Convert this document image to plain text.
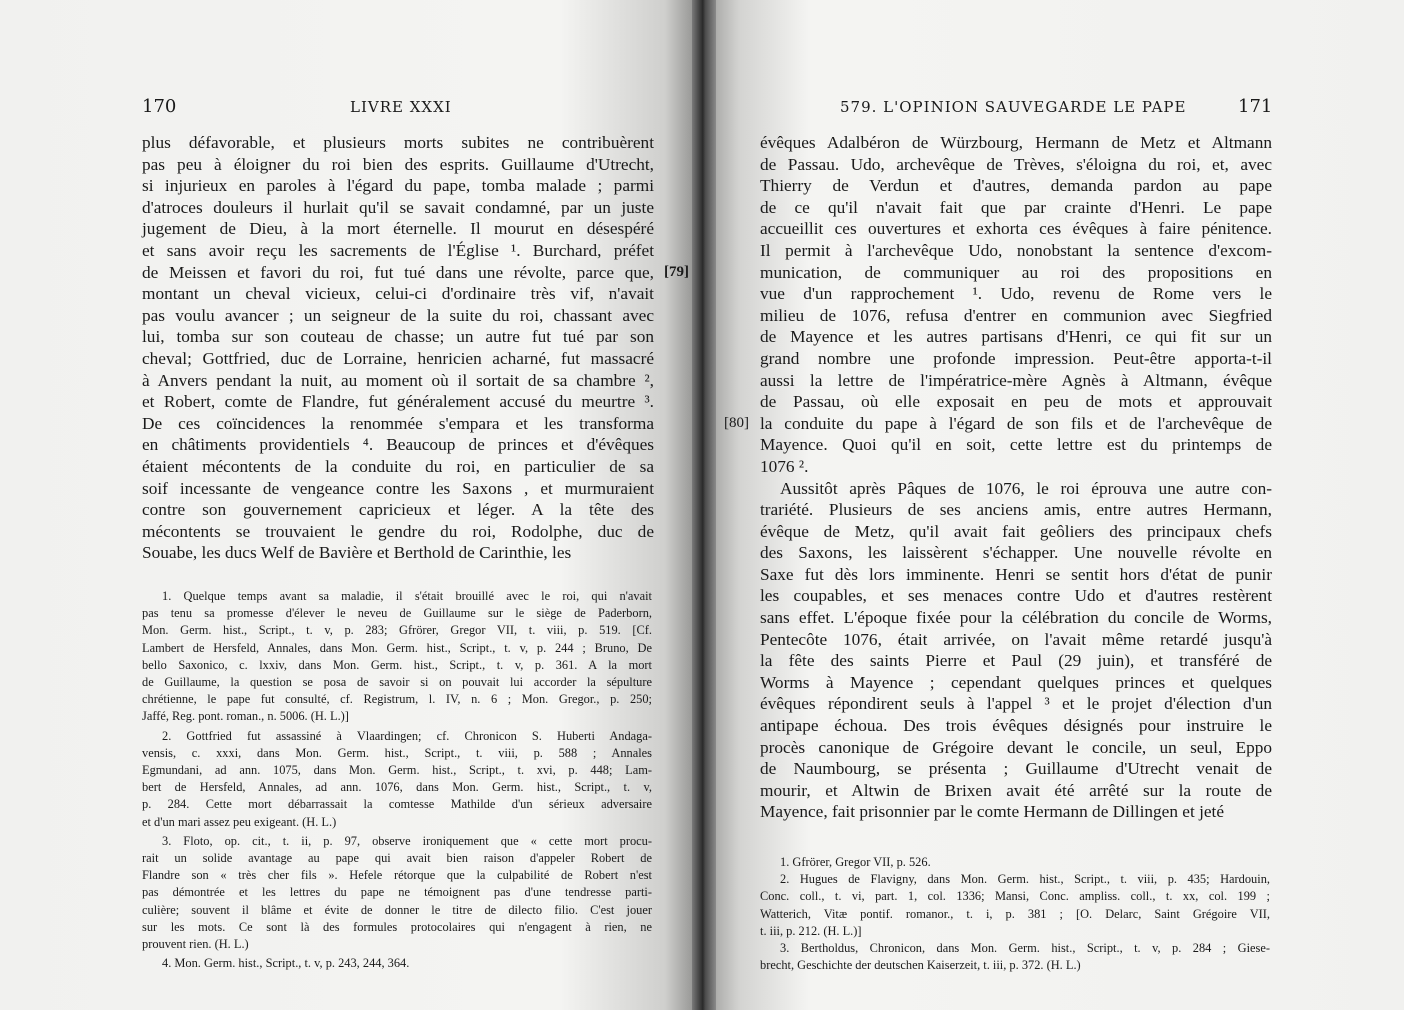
170	LIVRE XXXI
plus défavorable, et plusieurs morts subites ne contribuèrent
pas peu à éloigner du roi bien des esprits. Guillaume d'Utrecht,
si injurieux en paroles à l'égard du pape, tomba malade ; parmi
d'atroces douleurs il hurlait qu'il se savait condamné, par un juste
jugement de Dieu, à la mort éternelle. Il mourut en désespéré
et sans avoir reçu les sacrements de l'Église ¹. Burchard, préfet
de Meissen et favori du roi, fut tué dans une révolte, parce que,
montant un cheval vicieux, celui-ci d'ordinaire très vif, n'avait
pas voulu avancer ; un seigneur de la suite du roi, chassant avec
lui, tomba sur son couteau de chasse; un autre fut tué par son
cheval; Gottfried, duc de Lorraine, henricien acharné, fut massacré
à Anvers pendant la nuit, au moment où il sortait de sa chambre ²,
et Robert, comte de Flandre, fut généralement accusé du meurtre ³.
De ces coïncidences la renommée s'empara et les transforma
en châtiments providentiels ⁴. Beaucoup de princes et d'évêques
étaient mécontents de la conduite du roi, en particulier de sa
soif incessante de vengeance contre les Saxons , et murmuraient
contre son gouvernement capricieux et léger. A la tête des
mécontents se trouvaient le gendre du roi, Rodolphe, duc de
Souabe, les ducs Welf de Bavière et Berthold de Carinthie, les
1. Quelque temps avant sa maladie, il s'était brouillé avec le roi, qui n'avait
pas tenu sa promesse d'élever le neveu de Guillaume sur le siège de Paderborn,
Mon. Germ. hist., Script., t. v, p. 283; Gfrörer, Gregor VII, t. viii, p. 519. [Cf.
Lambert de Hersfeld, Annales, dans Mon. Germ. hist., Script., t. v, p. 244 ; Bruno, De
bello Saxonico, c. lxxiv, dans Mon. Germ. hist., Script., t. v, p. 361. A la mort
de Guillaume, la question se posa de savoir si on pouvait lui accorder la sépulture
chrétienne, le pape fut consulté, cf. Registrum, l. IV, n. 6 ; Mon. Gregor., p. 250;
Jaffé, Reg. pont. roman., n. 5006. (H. L.)]
2. Gottfried fut assassiné à Vlaardingen; cf. Chronicon S. Huberti Andaga-
vensis, c. xxxi, dans Mon. Germ. hist., Script., t. viii, p. 588 ; Annales
Egmundani, ad ann. 1075, dans Mon. Germ. hist., Script., t. xvi, p. 448; Lam-
bert de Hersfeld, Annales, ad ann. 1076, dans Mon. Germ. hist., Script., t. v,
p. 284. Cette mort débarrassait la comtesse Mathilde d'un sérieux adversaire
et d'un mari assez peu exigeant. (H. L.)
3. Floto, op. cit., t. ii, p. 97, observe ironiquement que « cette mort procu-
rait un solide avantage au pape qui avait bien raison d'appeler Robert de
Flandre son « très cher fils ». Hefele rétorque que la culpabilité de Robert n'est
pas démontrée et les lettres du pape ne témoignent pas d'une tendresse parti-
culière; souvent il blâme et évite de donner le titre de dilecto filio. C'est jouer
sur les mots. Ce sont là des formules protocolaires qui n'engagent à rien, ne
prouvent rien. (H. L.)
4. Mon. Germ. hist., Script., t. v, p. 243, 244, 364.
579. L'OPINION SAUVEGARDE LE PAPE	171
évêques Adalbéron de Würzbourg, Hermann de Metz et Altmann
de Passau. Udo, archevêque de Trèves, s'éloigna du roi, et, avec
Thierry de Verdun et d'autres, demanda pardon au pape
de ce qu'il n'avait fait que par crainte d'Henri. Le pape
accueillit ces ouvertures et exhorta ces évêques à faire pénitence.
Il permit à l'archevêque Udo, nonobstant la sentence d'excom-
munication, de communiquer au roi des propositions en
vue d'un rapprochement ¹. Udo, revenu de Rome vers le
milieu de 1076, refusa d'entrer en communion avec Siegfried
de Mayence et les autres partisans d'Henri, ce qui fit sur un
grand nombre une profonde impression. Peut-être apporta-t-il
aussi la lettre de l'impératrice-mère Agnès à Altmann, évêque
de Passau, où elle exposait en peu de mots et approuvait
la conduite du pape à l'égard de son fils et de l'archevêque de
Mayence. Quoi qu'il en soit, cette lettre est du printemps de
1076 ².
Aussitôt après Pâques de 1076, le roi éprouva une autre con-
trariété. Plusieurs de ses anciens amis, entre autres Hermann,
évêque de Metz, qu'il avait fait geôliers des principaux chefs
des Saxons, les laissèrent s'échapper. Une nouvelle révolte en
Saxe fut dès lors imminente. Henri se sentit hors d'état de punir
les coupables, et ses menaces contre Udo et d'autres restèrent
sans effet. L'époque fixée pour la célébration du concile de Worms,
Pentecôte 1076, était arrivée, on l'avait même retardé jusqu'à
la fête des saints Pierre et Paul (29 juin), et transféré de
Worms à Mayence ; cependant quelques princes et quelques
évêques répondirent seuls à l'appel ³ et le projet d'élection d'un
antipape échoua. Des trois évêques désignés pour instruire le
procès canonique de Grégoire devant le concile, un seul, Eppo
de Naumbourg, se présenta ; Guillaume d'Utrecht venait de
mourir, et Altwin de Brixen avait été arrêté sur la route de
Mayence, fait prisonnier par le comte Hermann de Dillingen et jeté
1. Gfrörer, Gregor VII, p. 526.
2. Hugues de Flavigny, dans Mon. Germ. hist., Script., t. viii, p. 435; Hardouin,
Conc. coll., t. vi, part. 1, col. 1336; Mansi, Conc. ampliss. coll., t. xx, col. 199 ;
Watterich, Vitæ pontif. romanor., t. i, p. 381 ; [O. Delarc, Saint Grégoire VII,
t. iii, p. 212. (H. L.)]
3. Bertholdus, Chronicon, dans Mon. Germ. hist., Script., t. v, p. 284 ; Giese-
brecht, Geschichte der deutschen Kaiserzeit, t. iii, p. 372. (H. L.)
[79]
[80]
